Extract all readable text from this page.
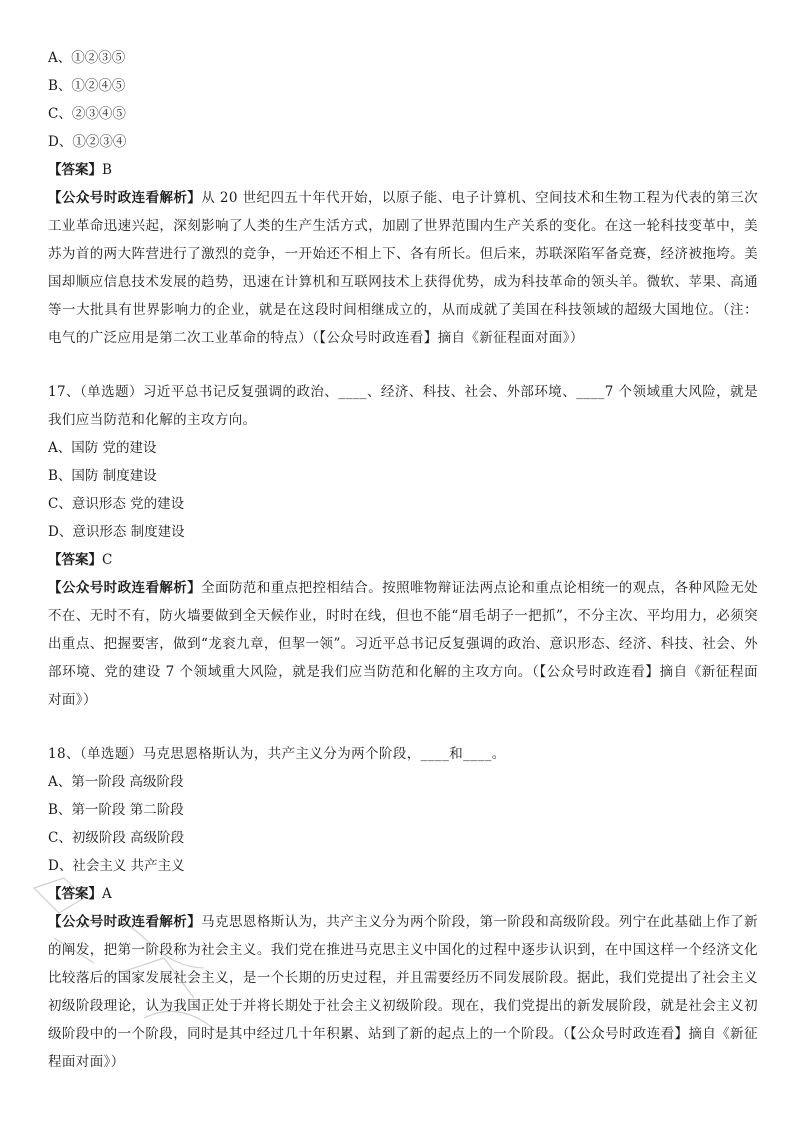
A、①②③⑤

B、①②④⑤

C、②③④⑤

D、①②③④

【答案】B

【公众号时政连看解析】从 20 世纪四五十年代开始，以原子能、电子计算机、空间技术和生物工程为代表的第三次工业革命迅速兴起，深刻影响了人类的生产生活方式，加剧了世界范围内生产关系的变化。在这一轮科技变革中，美苏为首的两大阵营进行了激烈的竞争，一开始还不相上下、各有所长。但后来，苏联深陷军备竞赛，经济被拖垮。美国却顺应信息技术发展的趋势，迅速在计算机和互联网技术上获得优势，成为科技革命的领头羊。微软、苹果、高通等一大批具有世界影响力的企业，就是在这段时间相继成立的，从而成就了美国在科技领域的超级大国地位。（注：电气的广泛应用是第二次工业革命的特点）（【公众号时政连看】摘自《新征程面对面》）

17、（单选题）习近平总书记反复强调的政治、____、经济、科技、社会、外部环境、____7 个领域重大风险，就是我们应当防范和化解的主攻方向。

A、国防 党的建设

B、国防 制度建设

C、意识形态 党的建设

D、意识形态 制度建设

【答案】C

【公众号时政连看解析】全面防范和重点把控相结合。按照唯物辩证法两点论和重点论相统一的观点，各种风险无处不在、无时不有，防火墙要做到全天候作业，时时在线，但也不能“眉毛胡子一把抓”，不分主次、平均用力，必须突出重点、把握要害，做到“龙衮九章，但挈一领”。习近平总书记反复强调的政治、意识形态、经济、科技、社会、外部环境、党的建设 7 个领域重大风险，就是我们应当防范和化解的主攻方向。（【公众号时政连看】摘自《新征程面对面》）

18、（单选题）马克思恩格斯认为，共产主义分为两个阶段，____和____。

A、第一阶段 高级阶段

B、第一阶段 第二阶段

C、初级阶段 高级阶段

D、社会主义 共产主义

【答案】A

【公众号时政连看解析】马克思恩格斯认为，共产主义分为两个阶段，第一阶段和高级阶段。列宁在此基础上作了新的阐发，把第一阶段称为社会主义。我们党在推进马克思主义中国化的过程中逐步认识到，在中国这样一个经济文化比较落后的国家发展社会主义，是一个长期的历史过程，并且需要经历不同发展阶段。据此，我们党提出了社会主义初级阶段理论，认为我国正处于并将长期处于社会主义初级阶段。现在，我们党提出的新发展阶段，就是社会主义初级阶段中的一个阶段，同时是其中经过几十年积累、站到了新的起点上的一个阶段。（【公众号时政连看】摘自《新征程面对面》）
